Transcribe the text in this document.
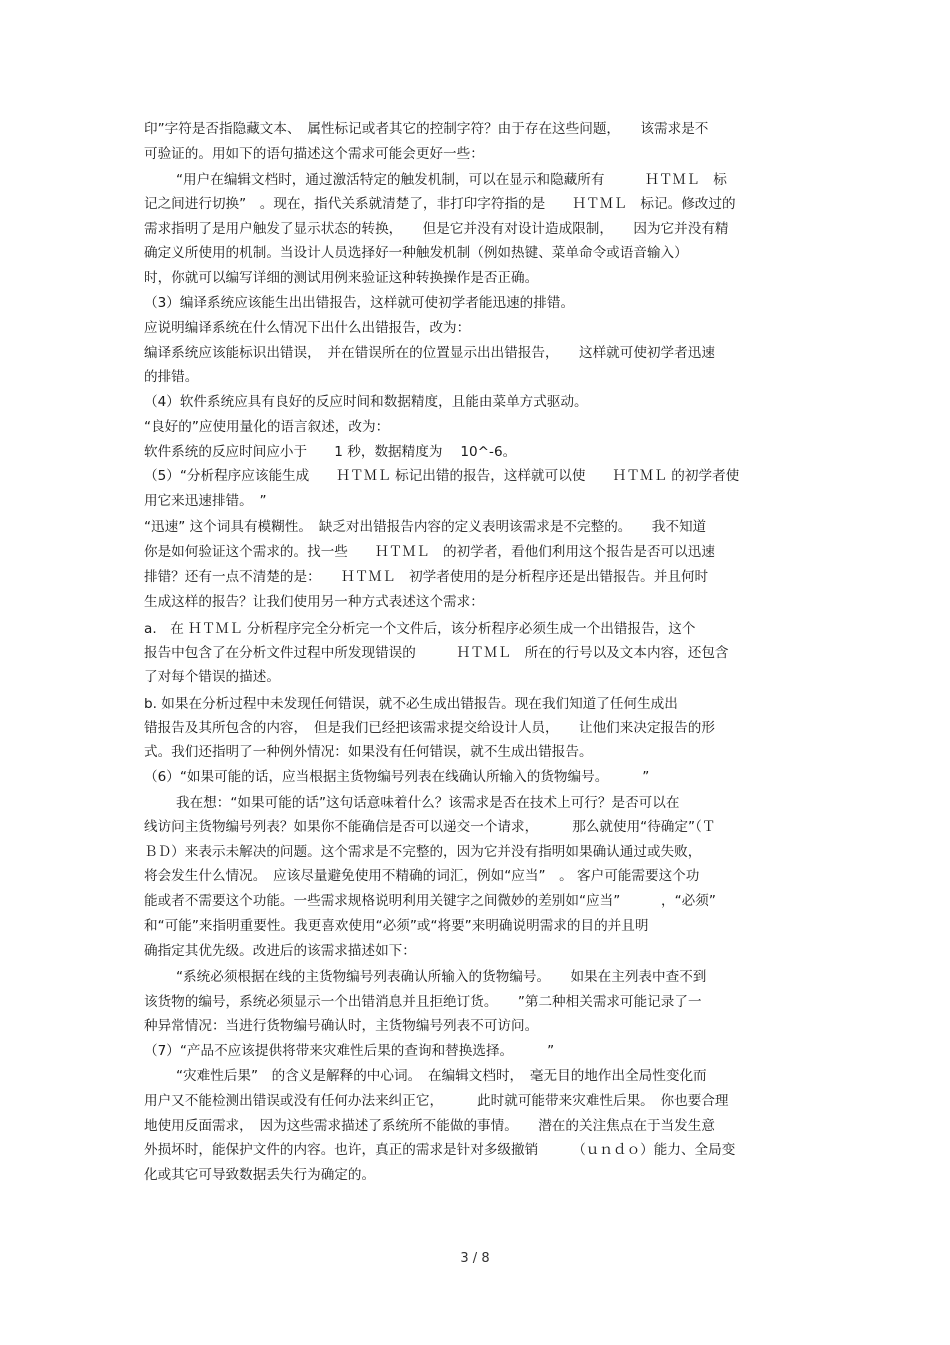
印”字符是否指隐藏文本、　属性标记或者其它的控制字符？由于存在这些问题，　　该需求是不
可验证的。用如下的语句描述这个需求可能会更好一些：
“用户在编辑文档时，通过激活特定的触发机制，可以在显示和隐藏所有　　　ＨＴＭＬ　标
记之间进行切换”　。现在，指代关系就清楚了，非打印字符指的是　　ＨＴＭＬ　标记。修改过的
需求指明了是用户触发了显示状态的转换，　　但是它并没有对设计造成限制，　　因为它并没有精
确定义所使用的机制。当设计人员选择好一种触发机制（例如热键、菜单命令或语音输入）
时，你就可以编写详细的测试用例来验证这种转换操作是否正确。
（3）编译系统应该能生出出错报告，这样就可使初学者能迅速的排错。
应说明编译系统在什么情况下出什么出错报告，改为：
编译系统应该能标识出错误，　并在错误所在的位置显示出出错报告，　　这样就可使初学者迅速
的排错。
（4）软件系统应具有良好的反应时间和数据精度，且能由菜单方式驱动。
“良好的”应使用量化的语言叙述，改为：
软件系统的反应时间应小于　　1 秒，数据精度为　 10^-6。
（5）“分析程序应该能生成　　ＨＴＭＬ 标记出错的报告，这样就可以使　　ＨＴＭＬ 的初学者使
用它来迅速排错。　”
“迅速” 这个词具有模糊性。　缺乏对出错报告内容的定义表明该需求是不完整的。　　我不知道
你是如何验证这个需求的。找一些　　ＨＴＭＬ　的初学者，看他们利用这个报告是否可以迅速
排错？还有一点不清楚的是：　　ＨＴＭＬ　初学者使用的是分析程序还是出错报告。并且何时
生成这样的报告？让我们使用另一种方式表述这个需求：
a.　在 ＨＴＭＬ 分析程序完全分析完一个文件后，该分析程序必须生成一个出错报告，这个
报告中包含了在分析文件过程中所发现错误的　　　ＨＴＭＬ　所在的行号以及文本内容，还包含
了对每个错误的描述。
b. 如果在分析过程中未发现任何错误，就不必生成出错报告。现在我们知道了任何生成出
错报告及其所包含的内容，　但是我们已经把该需求提交给设计人员，　　让他们来决定报告的形
式。我们还指明了一种例外情况：如果没有任何错误，就不生成出错报告。
（6）“如果可能的话，应当根据主货物编号列表在线确认所输入的货物编号。　　　”
我在想：“如果可能的话”这句话意味着什么？该需求是否在技术上可行？是否可以在
线访问主货物编号列表？如果你不能确信是否可以递交一个请求，　　　那么就使用“待确定”（Ｔ
ＢＤ）来表示未解决的问题。这个需求是不完整的，因为它并没有指明如果确认通过或失败，
将会发生什么情况。　应该尽量避免使用不精确的词汇，例如“应当”　。 客户可能需要这个功
能或者不需要这个功能。一些需求规格说明利用关键字之间微妙的差别如“应当”　　　，“必须”
和“可能”来指明重要性。我更喜欢使用“必须”或“将要”来明确说明需求的目的并且明
确指定其优先级。改进后的该需求描述如下：
“系统必须根据在线的主货物编号列表确认所输入的货物编号。　　如果在主列表中查不到
该货物的编号，系统必须显示一个出错消息并且拒绝订货。　　”第二种相关需求可能记录了一
种异常情况：当进行货物编号确认时，主货物编号列表不可访问。
（7）“产品不应该提供将带来灾难性后果的查询和替换选择。　　　”
“灾难性后果”　的含义是解释的中心词。　在编辑文档时，　毫无目的地作出全局性变化而
用户又不能检测出错误或没有任何办法来纠正它，　　　此时就可能带来灾难性后果。　你也要合理
地使用反面需求，　因为这些需求描述了系统所不能做的事情。　　潜在的关注焦点在于当发生意
外损坏时，能保护文件的内容。也许，真正的需求是针对多级撤销　　　（ｕｎｄｏ）能力、全局变
化或其它可导致数据丢失行为确定的。
3 / 8
